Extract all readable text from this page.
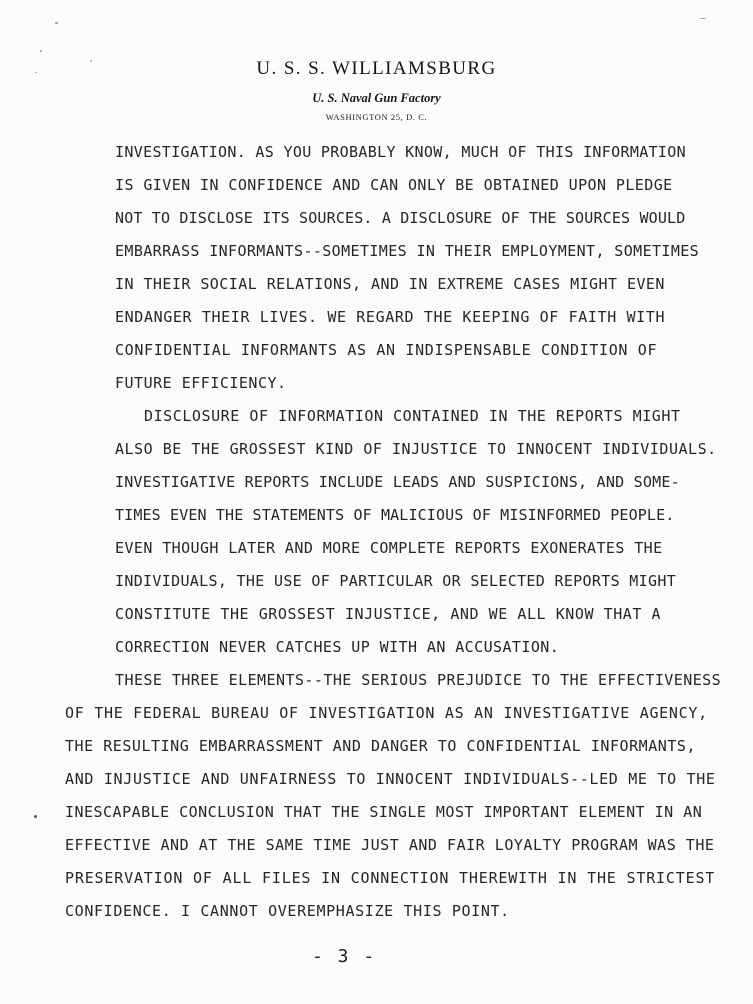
U. S. S. WILLIAMSBURG
U. S. Naval Gun Factory
WASHINGTON 25, D. C.
INVESTIGATION. AS YOU PROBABLY KNOW, MUCH OF THIS INFORMATION
IS GIVEN IN CONFIDENCE AND CAN ONLY BE OBTAINED UPON PLEDGE
NOT TO DISCLOSE ITS SOURCES. A DISCLOSURE OF THE SOURCES WOULD
EMBARRASS INFORMANTS--SOMETIMES IN THEIR EMPLOYMENT, SOMETIMES
IN THEIR SOCIAL RELATIONS, AND IN EXTREME CASES MIGHT EVEN
ENDANGER THEIR LIVES. WE REGARD THE KEEPING OF FAITH WITH
CONFIDENTIAL INFORMANTS AS AN INDISPENSABLE CONDITION OF
FUTURE EFFICIENCY.
DISCLOSURE OF INFORMATION CONTAINED IN THE REPORTS MIGHT
ALSO BE THE GROSSEST KIND OF INJUSTICE TO INNOCENT INDIVIDUALS.
INVESTIGATIVE REPORTS INCLUDE LEADS AND SUSPICIONS, AND SOME-
TIMES EVEN THE STATEMENTS OF MALICIOUS OF MISINFORMED PEOPLE.
EVEN THOUGH LATER AND MORE COMPLETE REPORTS EXONERATES THE
INDIVIDUALS, THE USE OF PARTICULAR OR SELECTED REPORTS MIGHT
CONSTITUTE THE GROSSEST INJUSTICE, AND WE ALL KNOW THAT A
CORRECTION NEVER CATCHES UP WITH AN ACCUSATION.
THESE THREE ELEMENTS--THE SERIOUS PREJUDICE TO THE EFFECTIVENESS
OF THE FEDERAL BUREAU OF INVESTIGATION AS AN INVESTIGATIVE AGENCY,
THE RESULTING EMBARRASSMENT AND DANGER TO CONFIDENTIAL INFORMANTS,
AND INJUSTICE AND UNFAIRNESS TO INNOCENT INDIVIDUALS--LED ME TO THE
INESCAPABLE CONCLUSION THAT THE SINGLE MOST IMPORTANT ELEMENT IN AN
EFFECTIVE AND AT THE SAME TIME JUST AND FAIR LOYALTY PROGRAM WAS THE
PRESERVATION OF ALL FILES IN CONNECTION THEREWITH IN THE STRICTEST
CONFIDENCE. I CANNOT OVEREMPHASIZE THIS POINT.
- 3 -
